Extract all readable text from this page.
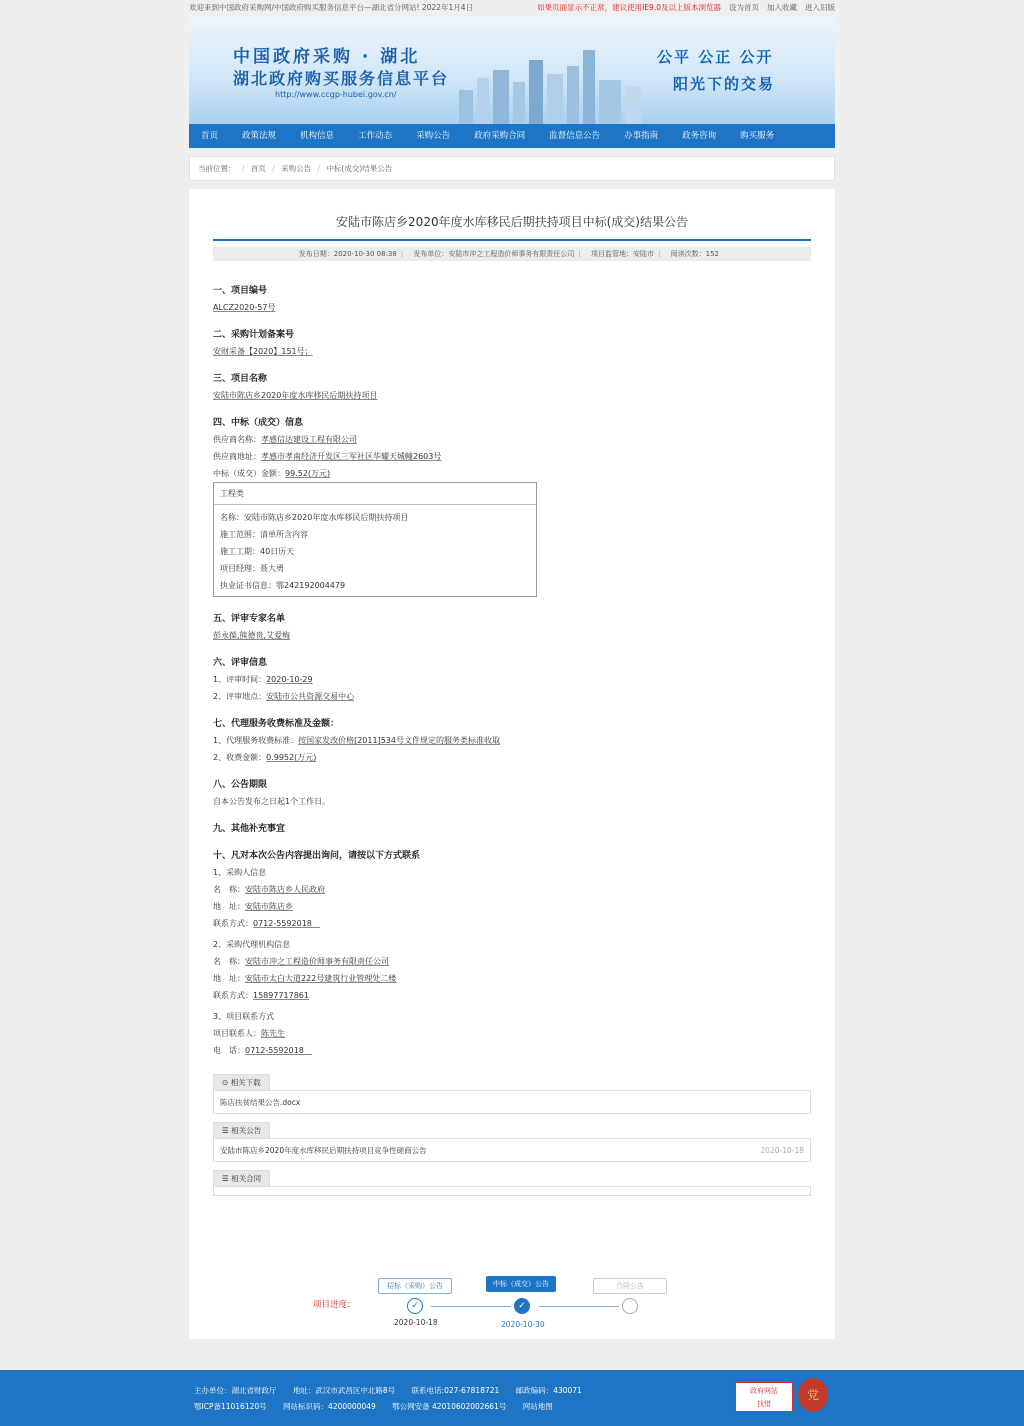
欢迎来到中国政府采购网/中国政府购买服务信息平台—湖北省分网站! 2022年1月4日	如果页面显示不正常，建议使用IE9.0及以上版本浏览器 设为首页 加入收藏 进入旧版
中国政府采购 · 湖北
湖北政府购买服务信息平台
http://www.ccgp-hubei.gov.cn/
公平 公正 公开
阳光下的交易
首页	政策法规	机构信息	工作动态	采购公告	政府采购合同	监督信息公告	办事指南	政务咨询	购买服务
当前位置： / 首页 / 采购公告 / 中标(成交)结果公告
安陆市陈店乡2020年度水库移民后期扶持项目中标(成交)结果公告
发布日期：2020-10-30 08:38 | 发布单位：安陆市冲之工程造价师事务有限责任公司 | 项目监管地：安陆市 | 阅读次数：152
一、项目编号
ALCZ2020-57号
二、采购计划备案号
安财采备【2020】151号；
三、项目名称
安陆市陈店乡2020年度水库移民后期扶持项目
四、中标（成交）信息
供应商名称：孝感信达建设工程有限公司
供应商地址：孝感市孝南经济开发区三军社区华耀天城幢2603号
中标（成交）金额：99.52(万元)
工程类
名称：安陆市陈店乡2020年度水库移民后期扶持项目
施工范围：清单所含内容
施工工期：40日历天
项目经理：聂大勇
执业证书信息：鄂242192004479
五、评审专家名单
彭永葆,熊德贵,艾爱梅
六、评审信息
1、评审时间：2020-10-29
2、评审地点：安陆市公共资源交易中心
七、代理服务收费标准及金额：
1、代理服务收费标准：按国家发改价格[2011]534号文件规定的服务类标准收取
2、收费金额：0.9952(万元)
八、公告期限
自本公告发布之日起1个工作日。
九、其他补充事宜
十、凡对本次公告内容提出询问，请按以下方式联系
1、采购人信息
名　称：安陆市陈店乡人民政府
地　址：安陆市陈店乡
联系方式：0712-5592018　
2、采购代理机构信息
名　称：安陆市冲之工程造价师事务有限责任公司
地　址：安陆市太白大道222号建筑行业管理处二楼
联系方式：15897717861
3、项目联系方式
项目联系人：陈先生
电　话：0712-5592018　
⊙ 相关下载
陈店扶贫结果公告.docx
☰ 相关公告
安陆市陈店乡2020年度水库移民后期扶持项目竞争性磋商公告	2020-10-18
☰ 相关合同
项目进度：
招标（采购）公告	中标（成交）公告	合同公告
✓	✓
2020-10-18	2020-10-30
主办单位：湖北省财政厅 地址：武汉市武昌区中北路8号 联系电话:027-67818721 邮政编码：430071
鄂ICP备11016120号 网站标识码：4200000049 鄂公网安备 42010602002661号 网站地图
政府网站
找错
党
